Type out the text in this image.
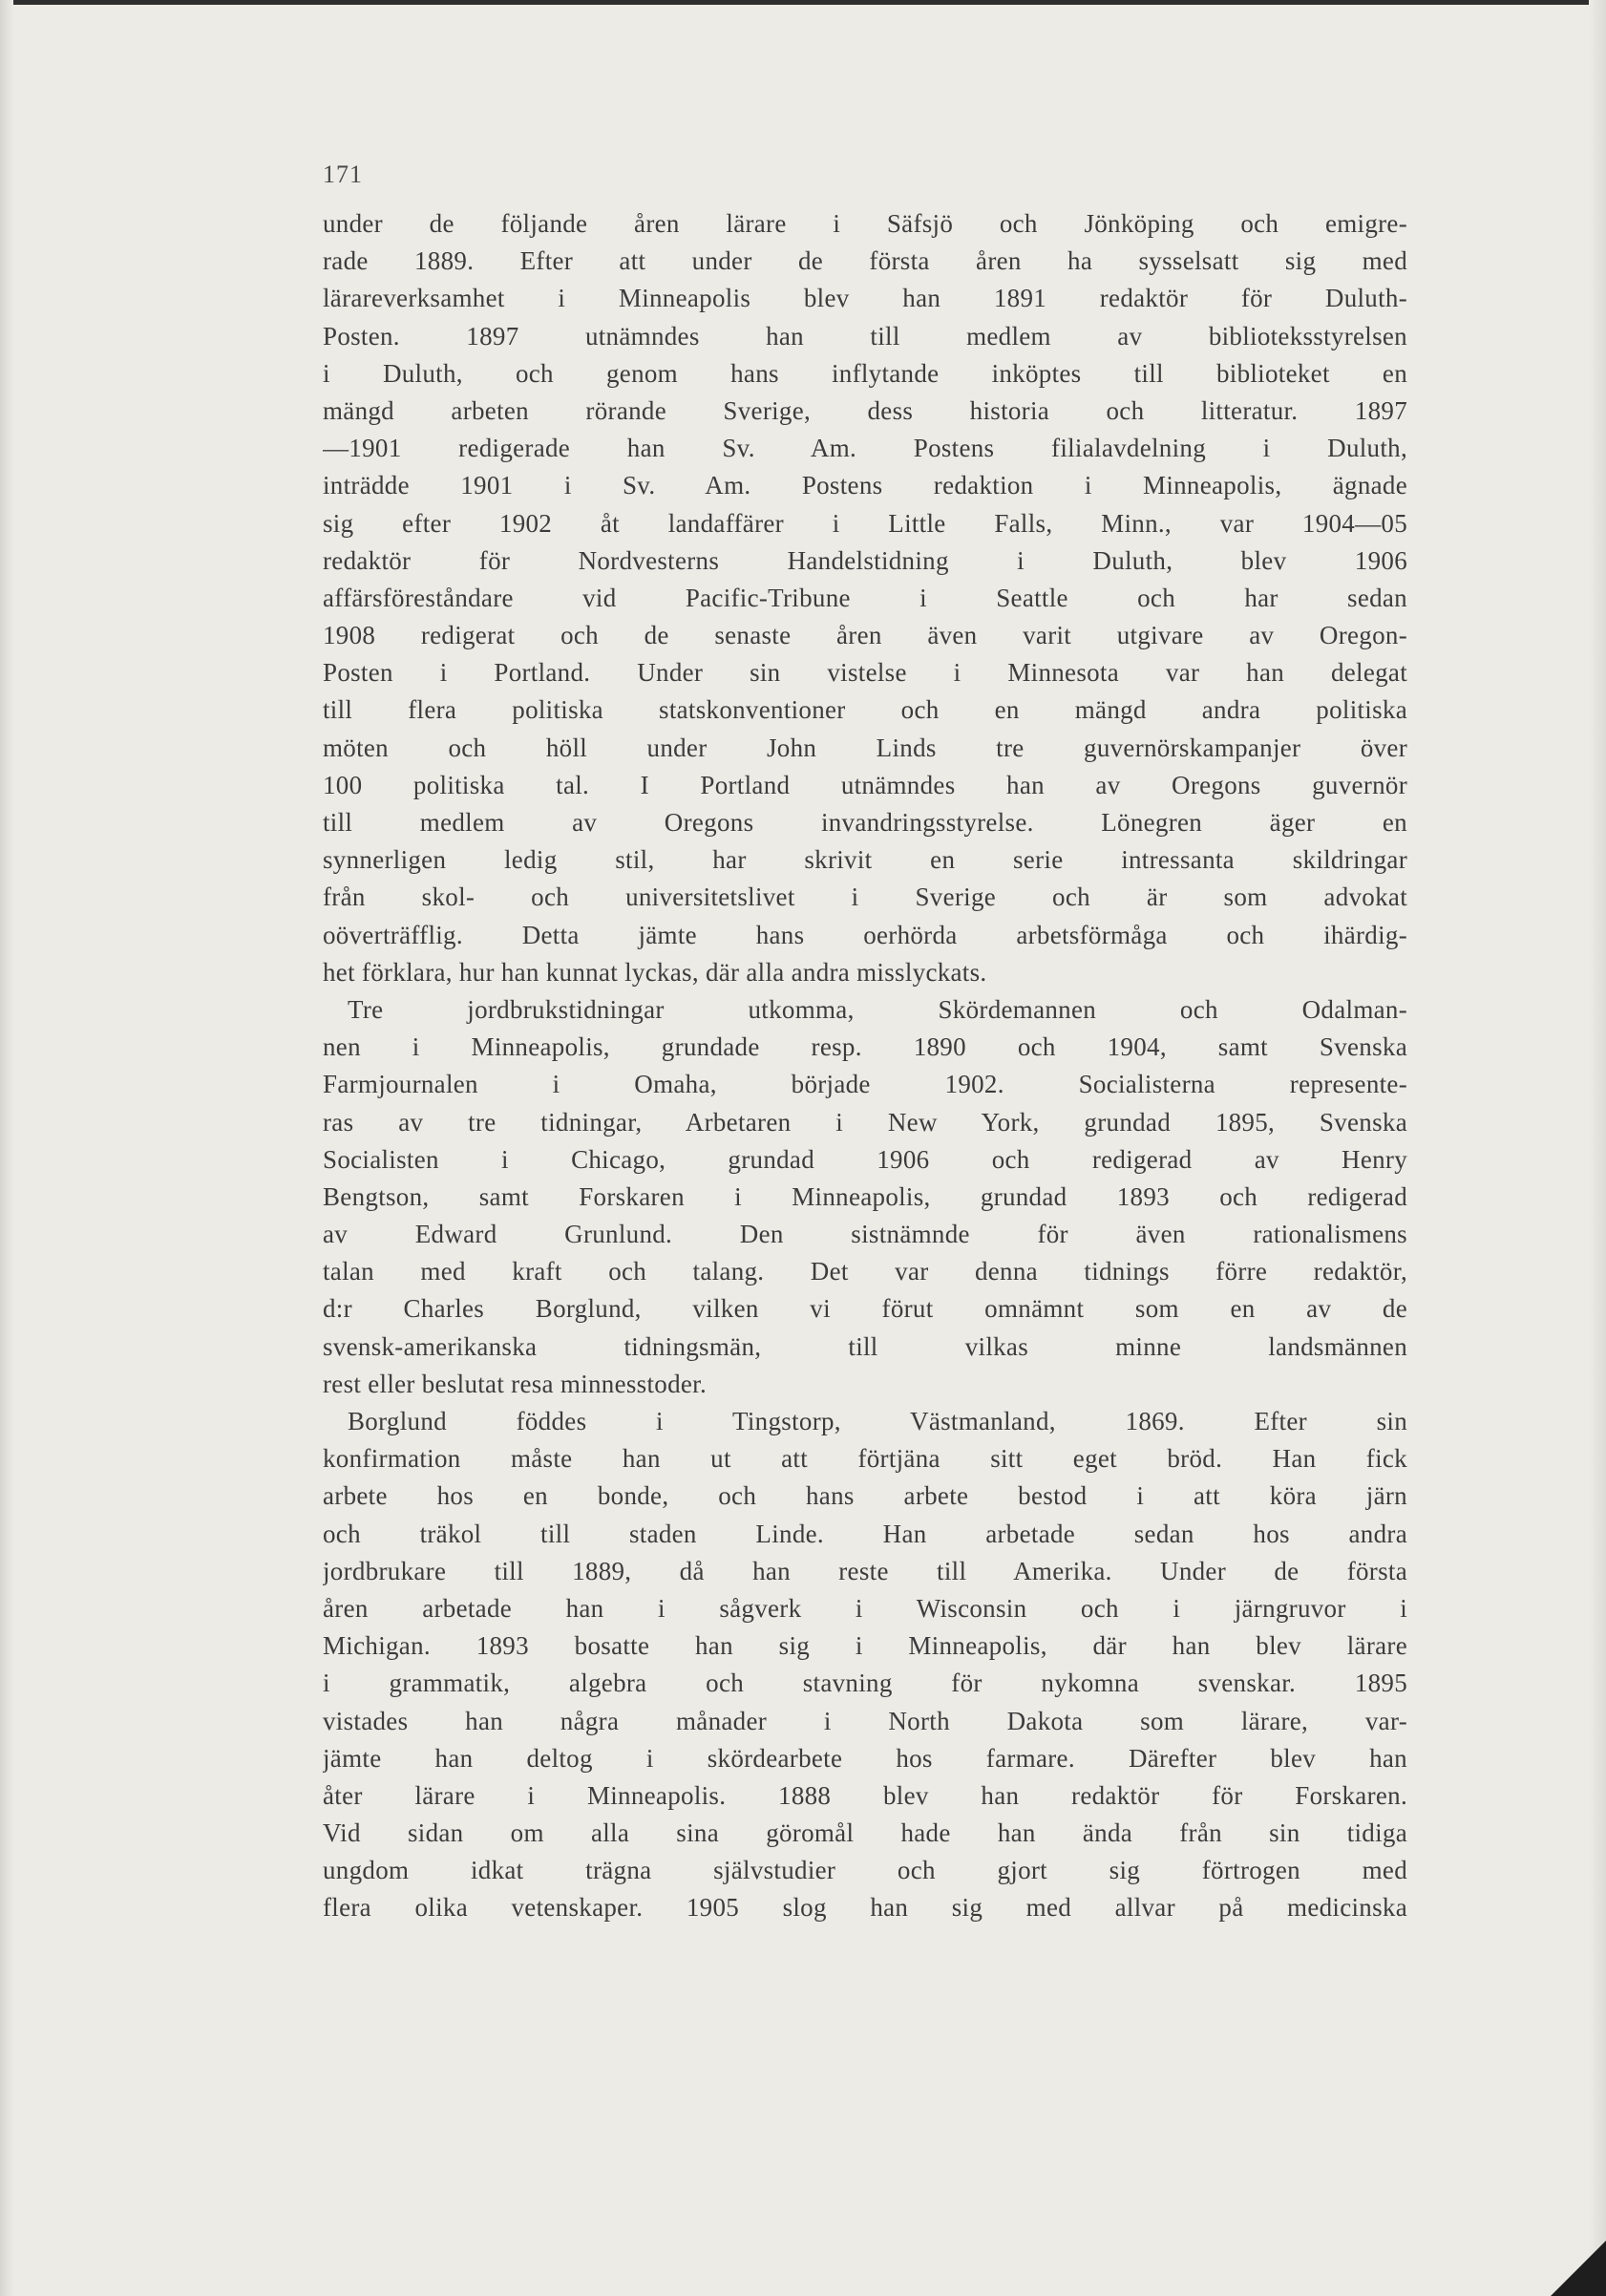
171
under de följande åren lärare i Säfsjö och Jönköping och emigre-
rade 1889. Efter att under de första åren ha sysselsatt sig med
lärareverksamhet i Minneapolis blev han 1891 redaktör för Duluth-
Posten. 1897 utnämndes han till medlem av biblioteksstyrelsen
i Duluth, och genom hans inflytande inköptes till biblioteket en
mängd arbeten rörande Sverige, dess historia och litteratur. 1897
—1901 redigerade han Sv. Am. Postens filialavdelning i Duluth,
inträdde 1901 i Sv. Am. Postens redaktion i Minneapolis, ägnade
sig efter 1902 åt landaffärer i Little Falls, Minn., var 1904—05
redaktör för Nordvesterns Handelstidning i Duluth, blev 1906
affärsföreståndare vid Pacific-Tribune i Seattle och har sedan
1908 redigerat och de senaste åren även varit utgivare av Oregon-
Posten i Portland. Under sin vistelse i Minnesota var han delegat
till flera politiska statskonventioner och en mängd andra politiska
möten och höll under John Linds tre guvernörskampanjer över
100 politiska tal. I Portland utnämndes han av Oregons guvernör
till medlem av Oregons invandringsstyrelse. Lönegren äger en
synnerligen ledig stil, har skrivit en serie intressanta skildringar
från skol- och universitetslivet i Sverige och är som advokat
oöverträfflig. Detta jämte hans oerhörda arbetsförmåga och ihärdig-
het förklara, hur han kunnat lyckas, där alla andra misslyckats.
Tre jordbrukstidningar utkomma, Skördemannen och Odalman-
nen i Minneapolis, grundade resp. 1890 och 1904, samt Svenska
Farmjournalen i Omaha, började 1902. Socialisterna represente-
ras av tre tidningar, Arbetaren i New York, grundad 1895, Svenska
Socialisten i Chicago, grundad 1906 och redigerad av Henry
Bengtson, samt Forskaren i Minneapolis, grundad 1893 och redigerad
av Edward Grunlund. Den sistnämnde för även rationalismens
talan med kraft och talang. Det var denna tidnings förre redaktör,
d:r Charles Borglund, vilken vi förut omnämnt som en av de
svensk-amerikanska tidningsmän, till vilkas minne landsmännen
rest eller beslutat resa minnesstoder.
Borglund föddes i Tingstorp, Västmanland, 1869. Efter sin
konfirmation måste han ut att förtjäna sitt eget bröd. Han fick
arbete hos en bonde, och hans arbete bestod i att köra järn
och träkol till staden Linde. Han arbetade sedan hos andra
jordbrukare till 1889, då han reste till Amerika. Under de första
åren arbetade han i sågverk i Wisconsin och i järngruvor i
Michigan. 1893 bosatte han sig i Minneapolis, där han blev lärare
i grammatik, algebra och stavning för nykomna svenskar. 1895
vistades han några månader i North Dakota som lärare, var-
jämte han deltog i skördearbete hos farmare. Därefter blev han
åter lärare i Minneapolis. 1888 blev han redaktör för Forskaren.
Vid sidan om alla sina göromål hade han ända från sin tidiga
ungdom idkat trägna självstudier och gjort sig förtrogen med
flera olika vetenskaper. 1905 slog han sig med allvar på medicinska
